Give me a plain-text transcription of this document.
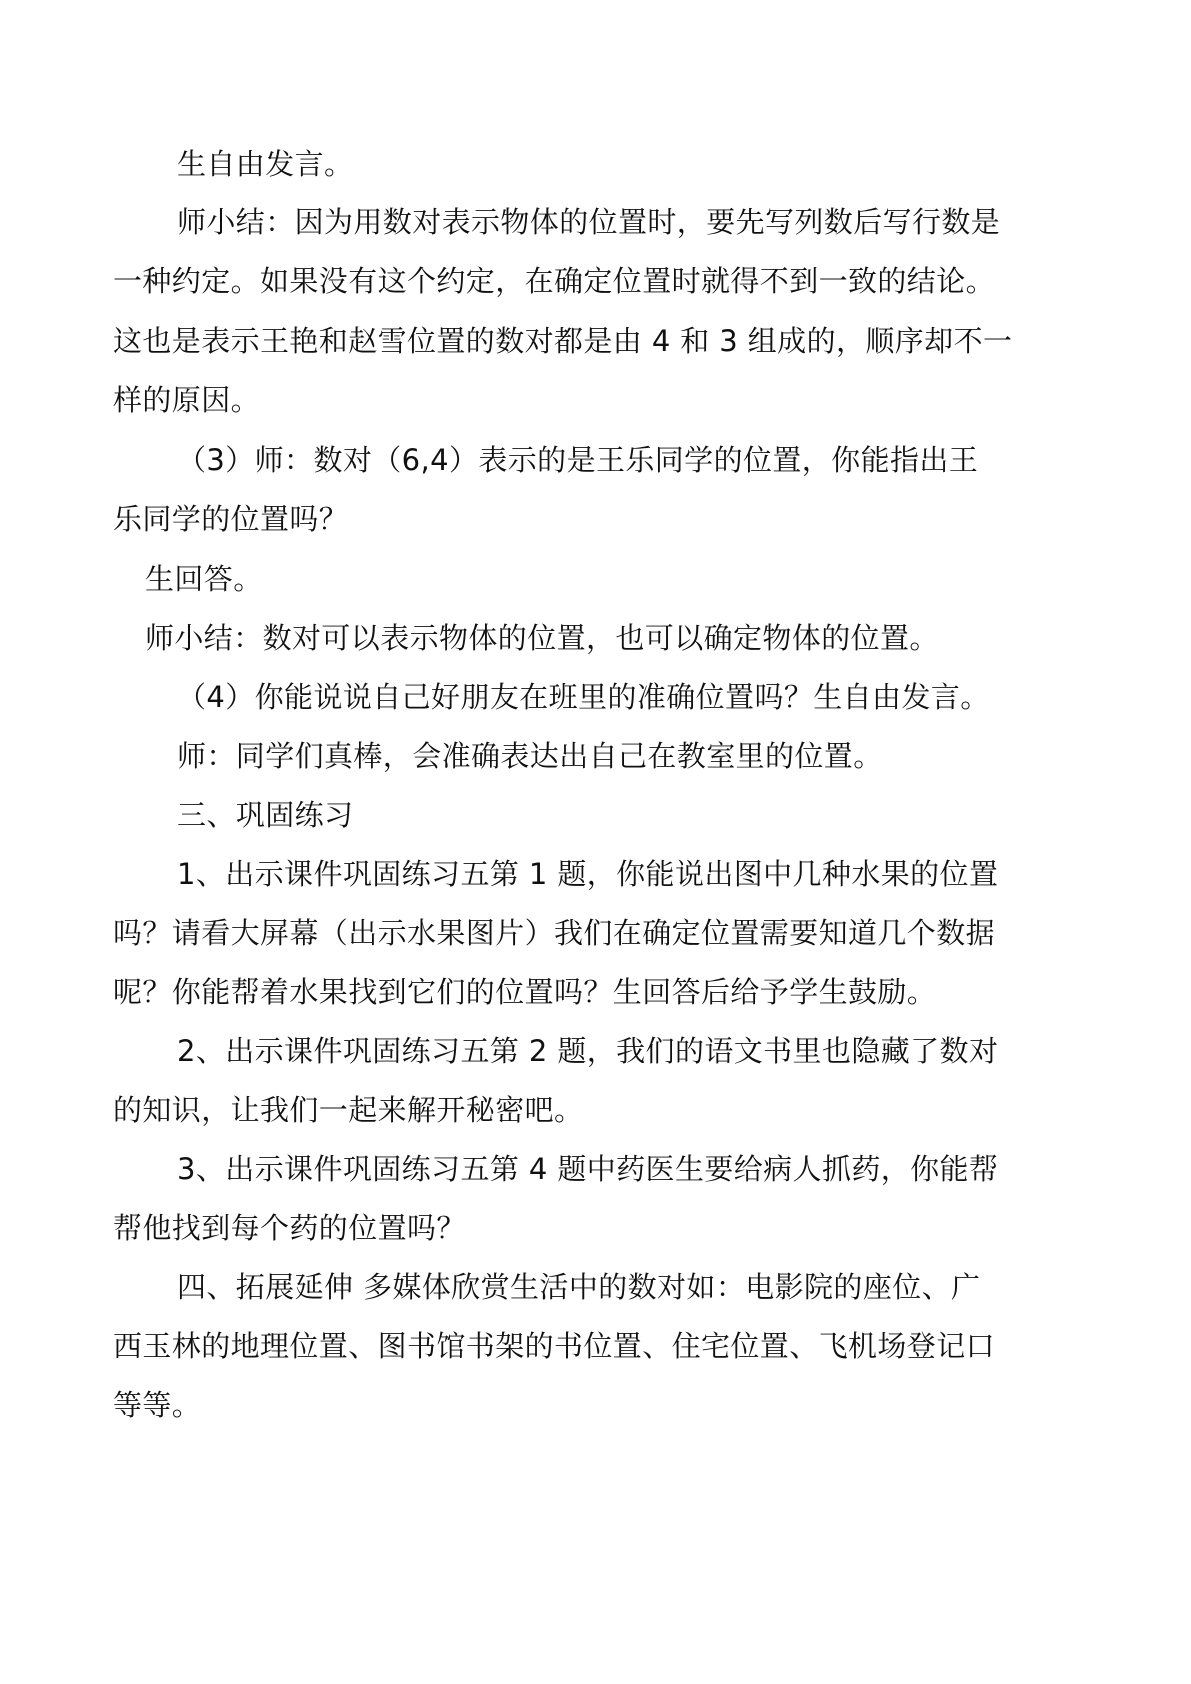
生自由发言。
师小结：因为用数对表示物体的位置时，要先写列数后写行数是
一种约定。如果没有这个约定，在确定位置时就得不到一致的结论。
这也是表示王艳和赵雪位置的数对都是由 4 和 3 组成的，顺序却不一
样的原因。
（3）师：数对（6,4）表示的是王乐同学的位置，你能指出王
乐同学的位置吗？
生回答。
师小结：数对可以表示物体的位置，也可以确定物体的位置。
（4）你能说说自己好朋友在班里的准确位置吗？生自由发言。
师：同学们真棒，会准确表达出自己在教室里的位置。
三、巩固练习
1、出示课件巩固练习五第 1 题，你能说出图中几种水果的位置
吗？请看大屏幕（出示水果图片）我们在确定位置需要知道几个数据
呢？你能帮着水果找到它们的位置吗？生回答后给予学生鼓励。
2、出示课件巩固练习五第 2 题，我们的语文书里也隐藏了数对
的知识，让我们一起来解开秘密吧。
3、出示课件巩固练习五第 4 题中药医生要给病人抓药，你能帮
帮他找到每个药的位置吗？
四、拓展延伸 多媒体欣赏生活中的数对如：电影院的座位、广
西玉林的地理位置、图书馆书架的书位置、住宅位置、飞机场登记口
等等。
